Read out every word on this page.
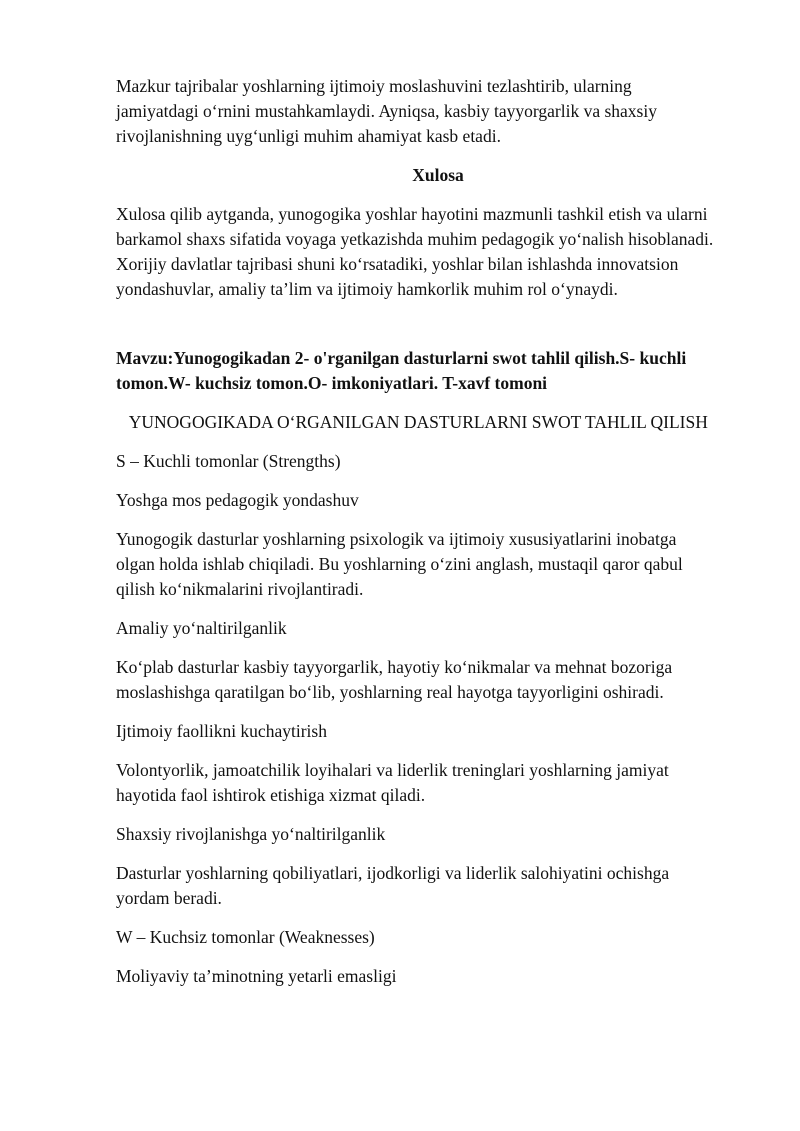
Mazkur tajribalar yoshlarning ijtimoiy moslashuvini tezlashtirib, ularning jamiyatdagi o‘rnini mustahkamlaydi. Ayniqsa, kasbiy tayyorgarlik va shaxsiy rivojlanishning uyg‘unligi muhim ahamiyat kasb etadi.

Xulosa

Xulosa qilib aytganda, yunogogika yoshlar hayotini mazmunli tashkil etish va ularni barkamol shaxs sifatida voyaga yetkazishda muhim pedagogik yo‘nalish hisoblanadi. Xorijiy davlatlar tajribasi shuni ko‘rsatadiki, yoshlar bilan ishlashda innovatsion yondashuvlar, amaliy ta’lim va ijtimoiy hamkorlik muhim rol o‘ynaydi.

Mavzu:Yunogogikadan 2- o'rganilgan dasturlarni swot tahlil qilish.S- kuchli tomon.W- kuchsiz tomon.O- imkoniyatlari. T-xavf tomoni

YUNOGOGIKADA O‘RGANILGAN DASTURLARNI SWOT TAHLIL QILISH

S – Kuchli tomonlar (Strengths)

Yoshga mos pedagogik yondashuv

Yunogogik dasturlar yoshlarning psixologik va ijtimoiy xususiyatlarini inobatga olgan holda ishlab chiqiladi. Bu yoshlarning o‘zini anglash, mustaqil qaror qabul qilish ko‘nikmalarini rivojlantiradi.

Amaliy yo‘naltirilganlik

Ko‘plab dasturlar kasbiy tayyorgarlik, hayotiy ko‘nikmalar va mehnat bozoriga moslashishga qaratilgan bo‘lib, yoshlarning real hayotga tayyorligini oshiradi.

Ijtimoiy faollikni kuchaytirish

Volontyorlik, jamoatchilik loyihalari va liderlik treninglari yoshlarning jamiyat hayotida faol ishtirok etishiga xizmat qiladi.

Shaxsiy rivojlanishga yo‘naltirilganlik

Dasturlar yoshlarning qobiliyatlari, ijodkorligi va liderlik salohiyatini ochishga yordam beradi.

W – Kuchsiz tomonlar (Weaknesses)

Moliyaviy ta’minotning yetarli emasligi
